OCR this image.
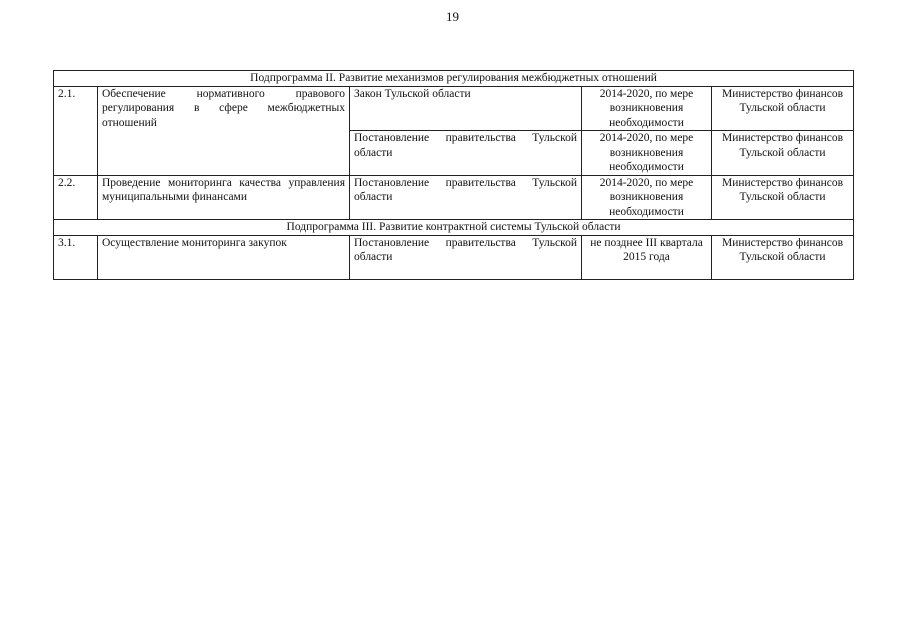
19
Подпрограмма II. Развитие механизмов регулирования межбюджетных отношений				
2.1.	Обеспечение нормативного правового регулирования в сфере межбюджетных отношений	Закон Тульской области	2014-2020, по мере возникновения необходимости	Министерство финансов Тульской области
		Постановление правительства Тульской области	2014-2020, по мере возникновения необходимости	Министерство финансов Тульской области
2.2.	Проведение мониторинга качества управления муниципальными финансами	Постановление правительства Тульской области	2014-2020, по мере возникновения необходимости	Министерство финансов Тульской области
Подпрограмма III. Развитие контрактной системы Тульской области				
3.1.	Осуществление мониторинга закупок	Постановление правительства Тульской области	не позднее III квартала 2015 года	Министерство финансов Тульской области
